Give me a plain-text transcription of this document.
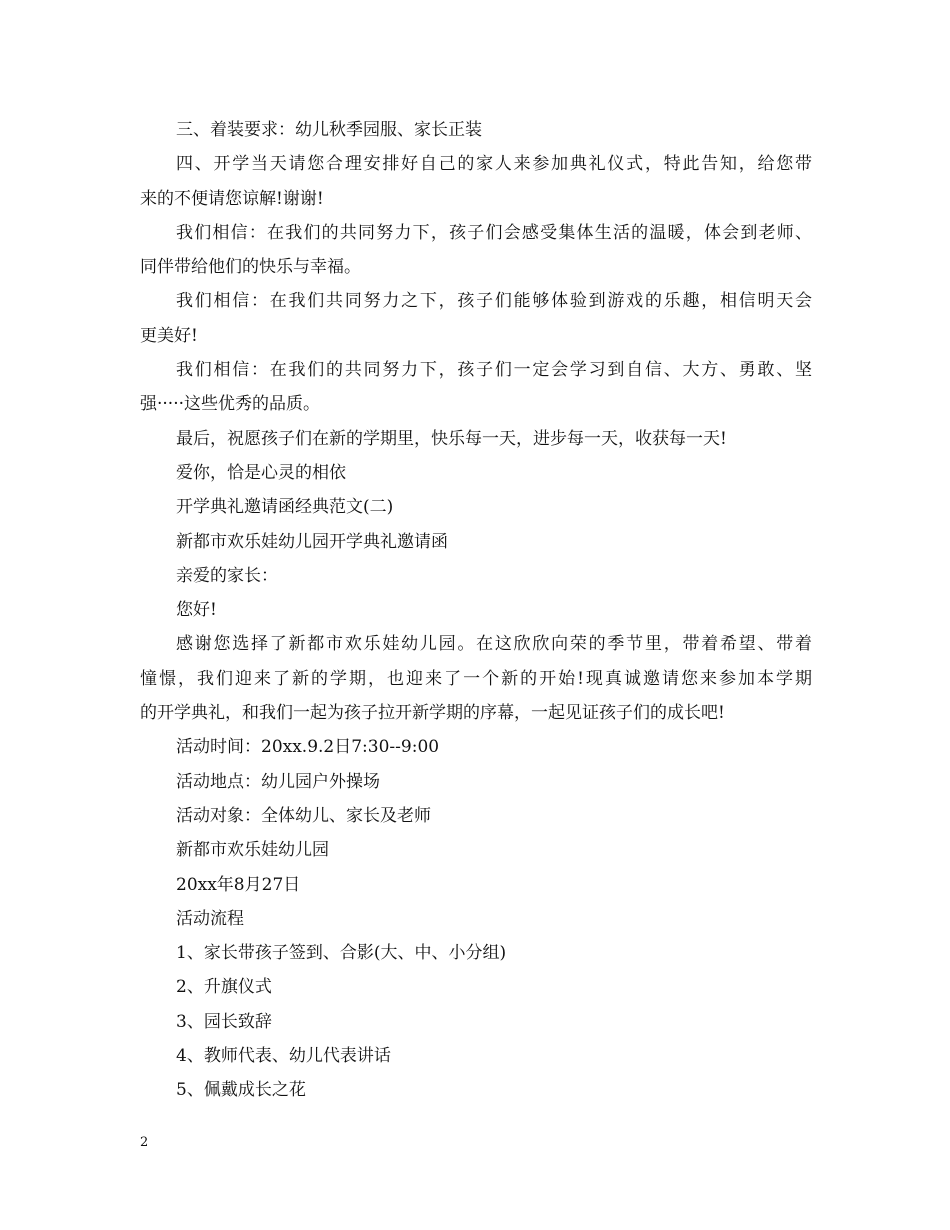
三、着装要求：幼儿秋季园服、家长正装

四、开学当天请您合理安排好自己的家人来参加典礼仪式，特此告知，给您带

来的不便请您谅解!谢谢!

我们相信：在我们的共同努力下，孩子们会感受集体生活的温暖，体会到老师、

同伴带给他们的快乐与幸福。

我们相信：在我们共同努力之下，孩子们能够体验到游戏的乐趣，相信明天会

更美好!

我们相信：在我们的共同努力下，孩子们一定会学习到自信、大方、勇敢、坚

强·····这些优秀的品质。

最后，祝愿孩子们在新的学期里，快乐每一天，进步每一天，收获每一天!

爱你，恰是心灵的相依

开学典礼邀请函经典范文(二)

新都市欢乐娃幼儿园开学典礼邀请函

亲爱的家长：

您好!

感谢您选择了新都市欢乐娃幼儿园。在这欣欣向荣的季节里，带着希望、带着

憧憬，我们迎来了新的学期，也迎来了一个新的开始!现真诚邀请您来参加本学期

的开学典礼，和我们一起为孩子拉开新学期的序幕，一起见证孩子们的成长吧!

活动时间：20xx.9.2日7:30--9:00

活动地点：幼儿园户外操场

活动对象：全体幼儿、家长及老师

新都市欢乐娃幼儿园

20xx年8月27日

活动流程

1、家长带孩子签到、合影(大、中、小分组)

2、升旗仪式

3、园长致辞

4、教师代表、幼儿代表讲话

5、佩戴成长之花

2
